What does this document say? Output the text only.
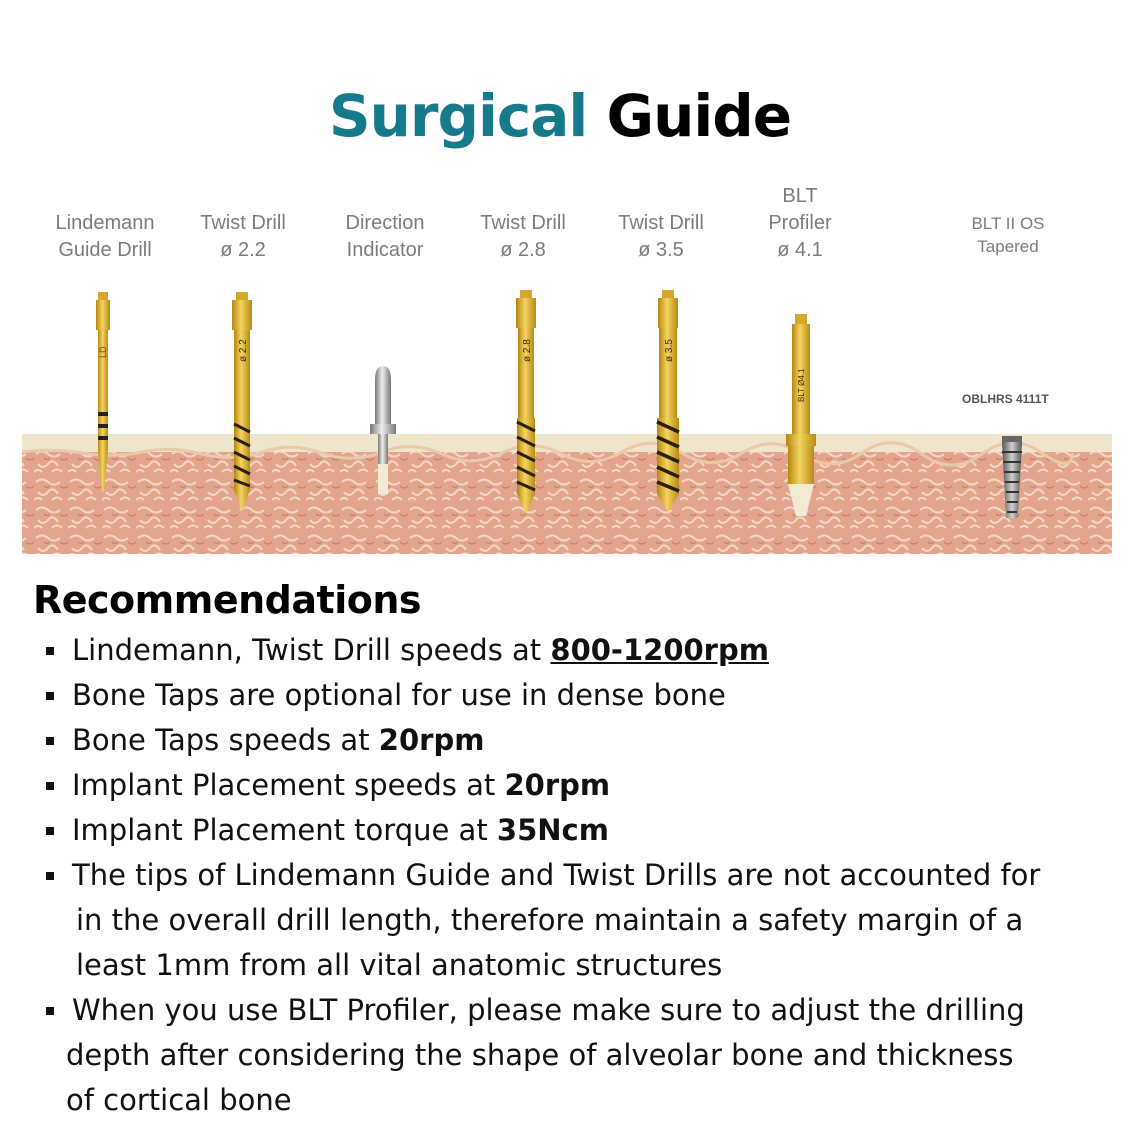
Surgical Guide
Lindemann
Guide Drill
Twist Drill
ø 2.2
Direction
Indicator
Twist Drill
ø 2.8
Twist Drill
ø 3.5
BLT
Profiler
ø 4.1
BLT II OS
Tapered
LD	ø 2.2	ø 2.8	ø 3.5
BLT Ø4.1	OBLHRS 4111T
Recommendations
Lindemann, Twist Drill speeds at 800-1200rpm
Bone Taps are optional for use in dense bone
Bone Taps speeds at 20rpm
Implant Placement speeds at 20rpm
Implant Placement torque at 35Ncm
The tips of Lindemann Guide and Twist Drills are not accounted for
in the overall drill length, therefore maintain a safety margin of a
least 1mm from all vital anatomic structures
When you use BLT Profiler, please make sure to adjust the drilling
depth after considering the shape of alveolar bone and thickness
of cortical bone
